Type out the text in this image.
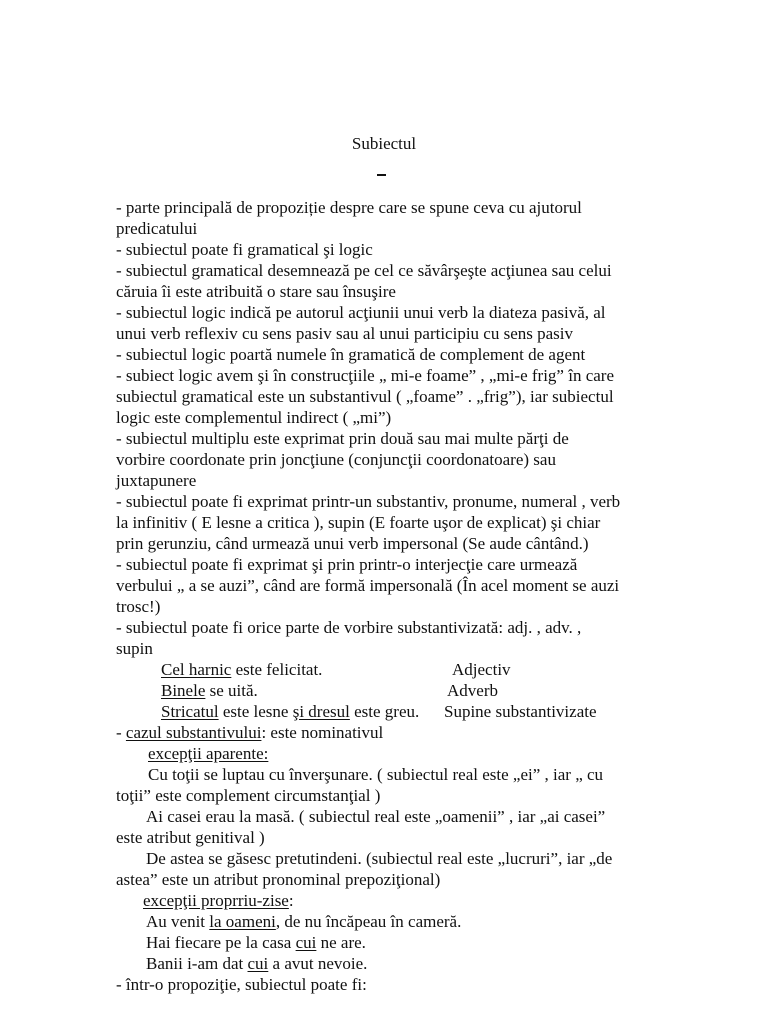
Subiectul
- parte principală de propoziție despre care se spune ceva cu ajutorul
predicatului
- subiectul poate fi gramatical şi logic
- subiectul gramatical desemnează pe cel ce săvârşeşte acţiunea sau celui
căruia îi este atribuită o stare sau însuşire
- subiectul logic indică pe autorul acţiunii unui verb la diateza pasivă, al
unui verb reflexiv cu sens pasiv sau al unui participiu cu sens pasiv
- subiectul logic poartă numele în gramatică de complement de agent
- subiect logic avem şi în construcţiile „ mi-e foame” , „mi-e frig” în care
subiectul gramatical este un substantivul ( „foame” . „frig”), iar subiectul
logic este complementul indirect ( „mi”)
- subiectul multiplu este exprimat prin două sau mai multe părţi de
vorbire coordonate prin joncţiune (conjuncţii coordonatoare) sau
juxtapunere
- subiectul poate fi exprimat printr-un substantiv, pronume, numeral , verb
la infinitiv ( E lesne a critica ), supin (E foarte uşor de explicat) şi chiar
prin gerunziu, când urmează unui verb impersonal (Se aude cântând.)
- subiectul poate fi exprimat şi prin printr-o interjecţie care urmează
verbului „ a se auzi”, când are formă impersonală (În acel moment se auzi
trosc!)
- subiectul poate fi orice parte de vorbire substantivizată: adj. , adv. ,
supin
Cel harnic este felicitat.	Adjectiv
Binele se uită.	Adverb
Stricatul este lesne şi dresul este greu. Supine substantivizate
- cazul substantivului: este nominativul
excepţii aparente:
Cu toţii se luptau cu înverşunare. ( subiectul real este „ei” , iar „ cu
toţii” este complement circumstanţial )
Ai casei erau la masă. ( subiectul real este „oamenii” , iar „ai casei”
este atribut genitival )
De astea se găsesc pretutindeni. (subiectul real este „lucruri”, iar „de
astea” este un atribut pronominal prepoziţional)
excepţii proprriu-zise:
Au venit la oameni, de nu încăpeau în cameră.
Hai fiecare pe la casa cui ne are.
Banii i-am dat cui a avut nevoie.
- într-o propoziţie, subiectul poate fi:
